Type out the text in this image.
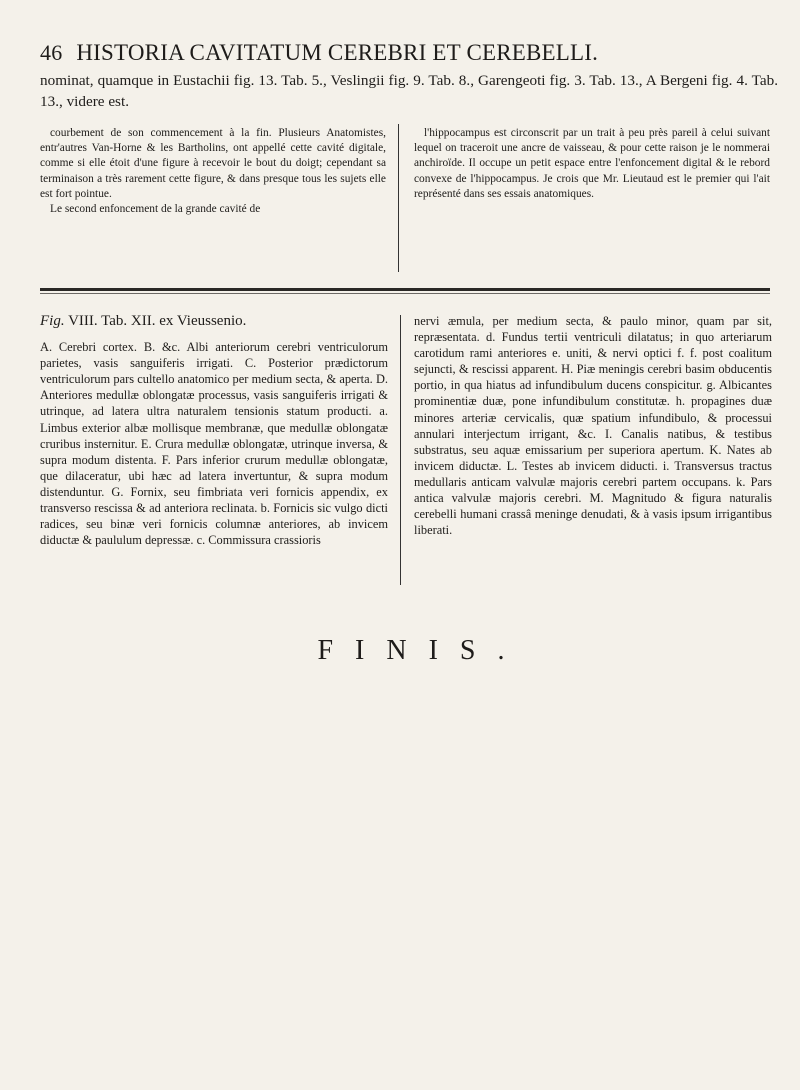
46 HISTORIA CAVITATUM CEREBRI ET CEREBELLI.
nominat, quamque in Eustachii fig. 13. Tab. 5., Veslingii fig. 9. Tab. 8., Garengeoti fig. 3. Tab. 13., A Bergeni fig. 4. Tab. 13., videre est.

courbement de son commencement à la fin. Plusieurs Anatomistes, entr'autres Van-Horne & les Bartholins, ont appellé cette cavité digitale, comme si elle étoit d'une figure à recevoir le bout du doigt; cependant sa terminaison a très rarement cette figure, & dans presque tous les sujets elle est fort pointue.

Le second enfoncement de la grande cavité de

l'hippocampus est circonscrit par un trait à peu près pareil à celui suivant lequel on traceroit une ancre de vaisseau, & pour cette raison je le nommerai anchiroïde. Il occupe un petit espace entre l'enfoncement digital & le rebord convexe de l'hippocampus. Je crois que Mr. Lieutaud est le premier qui l'ait représenté dans ses essais anatomiques.

Fig. VIII. Tab. XII. ex Vieussenio.

A. Cerebri cortex. B. &c. Albi anteriorum cerebri ventriculorum parietes, vasis sanguiferis irrigati. C. Posterior prædictorum ventriculorum pars cultello anatomico per medium secta, & aperta. D. Anteriores medullæ oblongatæ processus, vasis sanguiferis irrigati & utrinque, ad latera ultra naturalem tensionis statum producti. a. Limbus exterior albæ mollisque membranæ, que medullæ oblongatæ cruribus insternitur. E. Crura medullæ oblongatæ, utrinque inversa, & supra modum distenta. F. Pars inferior crurum medullæ oblongatæ, que dilaceratur, ubi hæc ad latera invertuntur, & supra modum distenduntur. G. Fornix, seu fimbriata veri fornicis appendix, ex transverso rescissa & ad anteriora reclinata. b. Fornicis sic vulgo dicti radices, seu binæ veri fornicis columnæ anteriores, ab invicem diductæ & paululum depressæ. c. Commissura crassioris

nervi æmula, per medium secta, & paulo minor, quam par sit, repræsentata. d. Fundus tertii ventriculi dilatatus; in quo arteriarum carotidum rami anteriores e. uniti, & nervi optici f. f. post coalitum sejuncti, & rescissi apparent. H. Piæ meningis cerebri basim obducentis portio, in qua hiatus ad infundibulum ducens conspicitur. g. Albicantes prominentiæ duæ, pone infundibulum constitutæ. h. propagines duæ minores arteriæ cervicalis, quæ spatium infundibulo, & processui annulari interjectum irrigant, &c. I. Canalis natibus, & testibus substratus, seu aquæ emissarium per superiora apertum. K. Nates ab invicem diductæ. L. Testes ab invicem diducti. i. Transversus tractus medullaris anticam valvulæ majoris cerebri partem occupans. k. Pars antica valvulæ majoris cerebri. M. Magnitudo & figura naturalis cerebelli humani crassâ meninge denudati, & à vasis ipsum irrigantibus liberati.

FINIS.
